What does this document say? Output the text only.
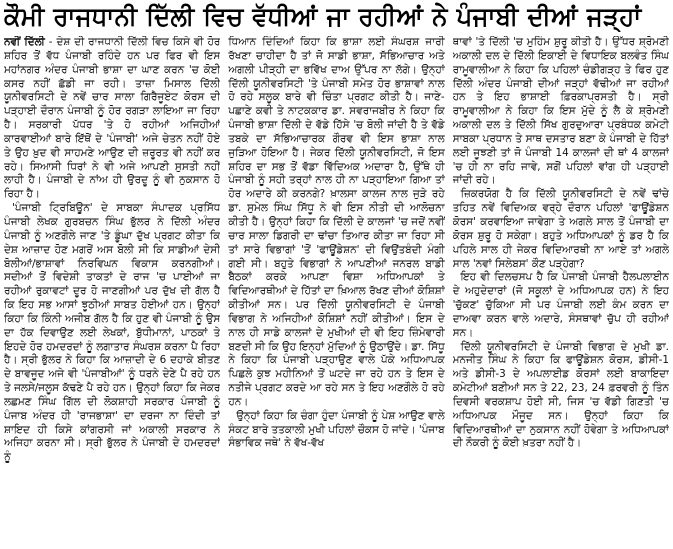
ਕੌਮੀ ਰਾਜਧਾਨੀ ਦਿੱਲੀ ਵਿਚ ਵੱਧੀਆਂ ਜਾ ਰਹੀਆਂ ਨੇ ਪੰਜਾਬੀ ਦੀਆਂ ਜੜ੍ਹਾਂ

ਨਵੀਂ ਦਿੱਲੀ - ਦੇਸ਼ ਦੀ ਰਾਜਧਾਨੀ ਦਿੱਲੀ ਵਿਚ ਕਿਸੇ ਵੀ ਹੋਰ ਸ਼ਹਿਰ ਤੋਂ ਵੱਧ ਪੰਜਾਬੀ ਰਹਿੰਦੇ ਹਨ ਪਰ ਫਿਰ ਵੀ ਇਸ ਮਹਾਂਨਗਰ ਅੰਦਰ ਪੰਜਾਬੀ ਭਾਸ਼ਾ ਦਾ ਘਾਣ ਕਰਨ 'ਚ ਕੋਈ ਕਸਰ ਨਹੀਂ ਛੱਡੀ ਜਾ ਰਹੀ। ਤਾਜ਼ਾ ਮਿਸਾਲ ਦਿੱਲੀ ਯੂਨੀਵਰਸਿਟੀ ਦੇ ਨਵੇਂ ਚਾਰ ਸਾਲਾ ਗਿਰੈਜੂਏਟ ਕੋਰਸ ਦੀ ਪੜ੍ਹਾਈ ਦੌਰਾਨ ਪੰਜਾਬੀ ਨੂੰ ਹੋਰ ਰਗੜਾ ਲਾਇਆ ਜਾ ਰਿਹਾ ਹੈ। ਸਰਕਾਰੀ ਪੱਧਰ 'ਤੇ ਹੋ ਰਹੀਆਂ ਅਜਿਹੀਆਂ ਕਾਰਵਾਈਆਂ ਬਾਰੇ ਇੱਥੋਂ ਦੇ 'ਪੰਜਾਬੀ' ਅਜੇ ਚੇਤਨ ਨਹੀਂ ਹੋਏ ਤੇ ਉਹ ਖ਼ੁਦ ਵੀ ਸਾਹਮਣੇ ਆਉਣ ਦੀ ਜ਼ਰੂਰਤ ਵੀ ਨਹੀਂ ਕਰ ਰਹੇ। ਸਿਆਸੀ ਧਿਰਾਂ ਨੇ ਵੀ ਅਜੇ ਆਪਣੀ ਸੁਸਤੀ ਨਹੀਂ ਲਾਹੀ ਹੈ। ਪੰਜਾਬੀ ਦੇ ਨਾਂਅ ਹੀ ਉਰਦੂ ਨੂੰ ਵੀ ਨੁਕਸਾਨ ਹੋ ਰਿਹਾ ਹੈ।

'ਪੰਜਾਬੀ ਟ੍ਰਿਬਿਊਨ' ਦੇ ਸਾਬਕਾ ਸੰਪਾਦਕ ਪ੍ਰਸਿੱਧ ਪੰਜਾਬੀ ਲੇਖਕ ਗੁਰਬਚਨ ਸਿੰਘ ਭੁੱਲਰ ਨੇ ਦਿੱਲੀ ਅੰਦਰ ਪੰਜਾਬੀ ਨੂੰ ਅਣਗੌਲੇ ਜਾਣ 'ਤੇ ਡੂੰਘਾ ਦੁੱਖ ਪ੍ਰਗਟ ਕੀਤਾ ਕਿ ਦੇਸ਼ ਆਜ਼ਾਦ ਹੋਣ ਮਗਰੋਂ ਅਸ ਬੋਲੀ ਸੀ ਕਿ ਸਾਡੀਆਂ ਦੇਸੀ ਬੋਲੀਆਂ/ਭਾਸ਼ਾਵਾਂ ਨਿਰਵਿਘਨ ਵਿਕਾਸ ਕਰਨਗੀਆਂ। ਸਦੀਆਂ ਤੋਂ ਵਿਦੇਸ਼ੀ ਤਾਕਤਾਂ ਦੇ ਰਾਜ 'ਚ ਪਾਈਆਂ ਜਾ ਰਹੀਆਂ ਰੁਕਾਵਟਾਂ ਦੂਰ ਹੋ ਜਾਣਗੀਆਂ ਪਰ ਦੁੱਖ ਦੀ ਗੱਲ ਹੈ ਕਿ ਇਹ ਸਭ ਆਸਾਂ ਝੂਠੀਆਂ ਸਾਬਤ ਹੋਈਆਂ ਹਨ। ਉਨ੍ਹਾਂ ਕਿਹਾ ਕਿ ਕਿੰਨੀ ਅਜੀਬ ਗੱਲ ਹੈ ਕਿ ਹੁਣ ਵੀ ਪੰਜਾਬੀ ਨੂੰ ਉਸ ਦਾ ਹੱਕ ਦਿਵਾਉਣ ਲਈ ਲੇਖਕਾਂ, ਬੁੱਧੀਮਾਨਾਂ, ਪਾਠਕਾਂ ਤੇ ਇਹਦੇ ਹੋਰ ਹਮਦਰਦਾਂ ਨੂੰ ਲਗਾਤਾਰ ਸੰਘਰਸ਼ ਕਰਨਾ ਪੈ ਰਿਹਾ ਹੈ। ਸ੍ਰੀ ਭੁੱਲਰ ਨੇ ਕਿਹਾ ਕਿ ਆਜ਼ਾਦੀ ਦੇ 6 ਦਹਾਕੇ ਬੀਤਣ ਦੇ ਬਾਵਜੂਦ ਅਜੇ ਵੀ 'ਪੰਜਾਬੀਆਂ' ਨੂੰ ਧਰਨੇ ਦੇਣੇ ਪੈ ਰਹੇ ਹਨ ਤੇ ਜਲਸੇ/ਜਲੂਸ ਕੱਢਣੇ ਪੈ ਰਹੇ ਹਨ। ਉਨ੍ਹਾਂ ਕਿਹਾ ਕਿ ਜੇਕਰ ਲਛਮਣ ਸਿੰਘ ਗਿੱਲ ਦੀ ਲੋਕਸ਼ਾਹੀ ਸਰਕਾਰ ਪੰਜਾਬੀ ਨੂੰ ਪੰਜਾਬ ਅੰਦਰ ਹੀ 'ਰਾਜਭਾਸ਼ਾ' ਦਾ ਦਰਜਾ ਨਾ ਦਿੰਦੀ ਤਾਂ ਸ਼ਾਇਦ ਹੀ ਕਿਸੇ ਕਾਂਗਰਸੀ ਜਾਂ ਅਕਾਲੀ ਸਰਕਾਰ ਨੇ ਅਜਿਹਾ ਕਰਨਾ ਸੀ। ਸ੍ਰੀ ਭੁੱਲਰ ਨੇ ਪੰਜਾਬੀ ਦੇ ਹਮਦਰਦਾਂ ਨੂੰ

ਧਿਆਨ ਦਿੰਦਿਆਂ ਕਿਹਾ ਕਿ ਭਾਸ਼ਾ ਲਈ ਸੰਘਰਸ਼ ਜਾਰੀ ਰੱਖਣਾ ਚਾਹੀਦਾ ਹੈ ਤਾਂ ਜੋ ਸਾਡੀ ਭਾਸ਼ਾ, ਸੱਭਿਆਚਾਰ ਅਤੇ ਅਗਲੀ ਪੀੜ੍ਹੀ ਦਾ ਭਵਿੱਖ ਦਾਅ ਉੱਪਰ ਨਾ ਲੱਗੇ। ਉਨ੍ਹਾਂ ਦਿੱਲੀ ਯੂਨੀਵਰਸਿਟੀ 'ਤੇ ਪੰਜਾਬੀ ਸਮੇਤ ਹੋਰ ਭਾਸ਼ਾਵਾਂ ਨਾਲ ਹੋ ਰਹੇ ਸਲੂਕ ਬਾਰੇ ਵੀ ਚਿੰਤਾ ਪ੍ਰਗਟ ਕੀਤੀ ਹੈ। ਜਾਣੇ-ਪਛਾਣੇ ਕਵੀ ਤੇ ਨਾਟਕਕਾਰ ਡਾ. ਸਵਰਾਜਬੀਰ ਨੇ ਕਿਹਾ ਕਿ ਪੰਜਾਬੀ ਭਾਸ਼ਾ ਦਿੱਲੀ ਦੇ ਵੱਡੇ ਹਿੱਸੇ 'ਚ ਬੋਲੀ ਜਾਂਦੀ ਹੈ ਤੇ ਵੱਡੇ ਤਬਕੇ ਦਾ ਸੱਭਿਆਚਾਰਕ ਗੌਰਵ ਵੀ ਇਸ ਭਾਸ਼ਾ ਨਾਲ ਜੁੜਿਆ ਹੋਇਆ ਹੈ। ਜੇਕਰ ਦਿੱਲੀ ਯੂਨੀਵਰਸਿਟੀ, ਜੋ ਇਸ ਸ਼ਹਿਰ ਦਾ ਸਭ ਤੋਂ ਵੱਡਾ ਵਿੱਦਿਅਕ ਅਦਾਰਾ ਹੈ, ਉੱਥੇ ਹੀ ਪੰਜਾਬੀ ਨੂੰ ਸਹੀ ਤਰ੍ਹਾਂ ਨਾਲ ਹੀ ਨਾ ਪੜ੍ਹਾਇਆ ਗਿਆ ਤਾਂ ਹੋਰ ਅਦਾਰੇ ਕੀ ਕਰਨਗੇ? ਖ਼ਾਲਸਾ ਕਾਲਜ ਨਾਲ ਜੁੜੇ ਰਹੇ ਡਾ. ਸੁਮੇਲ ਸਿੰਘ ਸਿੱਧੂ ਨੇ ਵੀ ਇਸ ਨੀਤੀ ਦੀ ਆਲੋਚਨਾ ਕੀਤੀ ਹੈ। ਉਨ੍ਹਾਂ ਕਿਹਾ ਕਿ ਦਿੱਲੀ ਦੇ ਕਾਲਜਾਂ 'ਚ ਜਦੋਂ ਨਵੀਂ ਚਾਰ ਸਾਲਾ ਡਿਗਰੀ ਦਾ ਢਾਂਚਾ ਤਿਆਰ ਕੀਤਾ ਜਾ ਰਿਹਾ ਸੀ ਤਾਂ ਸਾਰੇ ਵਿਭਾਗਾਂ 'ਤੋਂ 'ਫਾਊਂਡੇਸ਼ਨ' ਦੀ ਵਿਉਂਤਬੰਦੀ ਮੰਗੀ ਗਈ ਸੀ। ਬਹੁਤੇ ਵਿਭਾਗਾਂ ਨੇ ਆਪਣੀਆਂ ਜਨਰਲ ਬਾਡੀ ਬੈਠਕਾਂ ਕਰਕੇ ਆਪਣਾ ਵਿਸ਼ਾ ਅਧਿਆਪਕਾਂ ਤੇ ਵਿਦਿਆਰਥੀਆਂ ਦੇ ਹਿੱਤਾਂ ਦਾ ਖ਼ਿਆਲ ਰੱਖਣ ਦੀਆਂ ਕੋਸ਼ਿਸ਼ਾਂ ਕੀਤੀਆਂ ਸਨ। ਪਰ ਦਿੱਲੀ ਯੂਨੀਵਰਸਿਟੀ ਦੇ ਪੰਜਾਬੀ ਵਿਭਾਗ ਨੇ ਅਜਿਹੀਆਂ ਕੋਸ਼ਿਸ਼ਾਂ ਨਹੀਂ ਕੀਤੀਆਂ। ਇਸ ਦੇ ਨਾਲ ਹੀ ਸਾਡੇ ਕਾਲਜਾਂ ਦੇ ਮੁਖੀਆਂ ਦੀ ਵੀ ਇਹ ਜ਼ਿੰਮੇਵਾਰੀ ਬਣਦੀ ਸੀ ਕਿ ਉਹ ਇਨ੍ਹਾਂ ਮੁੱਦਿਆਂ ਨੂੰ ਉਠਾਉਂਦੇ। ਡਾ. ਸਿੱਧੂ ਨੇ ਕਿਹਾ ਕਿ ਪੰਜਾਬੀ ਪੜ੍ਹਾਉਣ ਵਾਲੇ ਪੱਕੇ ਅਧਿਆਪਕ ਪਿਛਲੇ ਕੁਝ ਮਹੀਨਿਆਂ ਤੋਂ ਘਟਦੇ ਜਾ ਰਹੇ ਹਨ ਤੇ ਇਸ ਦੇ ਨਤੀਜੇ ਪ੍ਰਗਟ ਕਰਦੇ ਆ ਰਹੇ ਸਨ ਤੇ ਇਹ ਅਣਗੌਲੇ ਹੋ ਰਹੇ ਹਨ।

ਉਨ੍ਹਾਂ ਕਿਹਾ ਕਿ ਚੰਗਾ ਹੁੰਦਾ ਪੰਜਾਬੀ ਨੂੰ ਪੇਸ਼ ਆਉਣ ਵਾਲੇ ਸੰਕਟ ਬਾਰੇ ਤਤਕਾਲੀ ਮੁਖੀ ਪਹਿਲਾਂ ਚੌਕਸ ਹੋ ਜਾਂਦੇ। 'ਪੰਜਾਬ ਸੰਭਾਵਿਕ ਜਥੇ' ਨੇ ਵੱਖ-ਵੱਖ

ਥਾਵਾਂ 'ਤੇ ਦਿੱਲੀ 'ਚ ਮੁਹਿੰਮ ਸ਼ੁਰੂ ਕੀਤੀ ਹੈ। ਉੱਧਰ ਸ਼੍ਰੋਮਣੀ ਅਕਾਲੀ ਦਲ ਦੇ ਦਿੱਲੀ ਇਕਾਈ ਦੇ ਵਿਧਾਇਕ ਬਲਵੰਤ ਸਿੰਘ ਰਾਮੂਵਾਲੀਆ ਨੇ ਕਿਹਾ ਕਿ ਪਹਿਲਾਂ ਚੰਡੀਗੜ੍ਹ ਤੇ ਫਿਰ ਹੁਣ ਦਿੱਲੀ ਅੰਦਰ ਪੰਜਾਬੀ ਦੀਆਂ ਜੜ੍ਹਾਂ ਵੱਢੀਆਂ ਜਾ ਰਹੀਆਂ ਹਨ ਤੇ ਇਹ ਭਾਸ਼ਾਈ ਫ਼ਿਰਕਾਪ੍ਰਸਤੀ ਹੈ। ਸ੍ਰੀ ਰਾਮੂਵਾਲੀਆ ਨੇ ਕਿਹਾ ਕਿ ਇਸ ਮੁੱਦੇ ਨੂੰ ਲੈ ਕੇ ਸ਼੍ਰੋਮਣੀ ਅਕਾਲੀ ਦਲ ਤੇ ਦਿੱਲੀ ਸਿੱਖ ਗੁਰਦੁਆਰਾ ਪ੍ਰਬੰਧਕ ਕਮੇਟੀ ਸਾਬਕਾ ਪ੍ਰਧਾਨ ਤੇ ਸਾਥ ਦਸਤਾਰ ਬਣਾ ਕੇ ਪੰਜਾਬੀ ਦੇ ਹਿੱਤਾਂ ਲਈ ਜੂਝਣੀ ਤਾਂ ਜੋ ਪੰਜਾਬੀ 14 ਕਾਲਜਾਂ ਦੀ ਥਾਂ 4 ਕਾਲਜਾਂ 'ਚ ਹੀ ਨਾ ਰਹਿ ਜਾਵੇ, ਸਗੋਂ ਪਹਿਲਾਂ ਵਾਂਗ ਹੀ ਪੜ੍ਹਾਈ ਜਾਂਦੀ ਰਹੇ।

ਜ਼ਿਕਰਯੋਗ ਹੈ ਕਿ ਦਿੱਲੀ ਯੂਨੀਵਰਸਿਟੀ ਦੇ ਨਵੇਂ ਢਾਂਚੇ ਤਹਿਤ ਨਵੇਂ ਵਿਦਿਅਕ ਵਰ੍ਹੇ ਦੌਰਾਨ ਪਹਿਲਾਂ 'ਫਾਊਂਡੇਸ਼ਨ ਕੋਰਸ' ਕਰਵਾਇਆ ਜਾਵੇਗਾ ਤੇ ਅਗਲੇ ਸਾਲ ਤੋਂ ਪੰਜਾਬੀ ਦਾ ਕੋਰਸ ਸ਼ੁਰੂ ਹੋ ਸਕੇਗਾ। ਬਹੁਤੇ ਅਧਿਆਪਕਾਂ ਨੂੰ ਡਰ ਹੈ ਕਿ ਪਹਿਲੇ ਸਾਲ ਹੀ ਜੇਕਰ ਵਿਦਿਆਰਥੀ ਨਾ ਆਏ ਤਾਂ ਅਗਲੇ ਸਾਲ 'ਨਵਾਂ ਸਿਲੇਬਸ' ਕੌਣ ਪੜ੍ਹੇਗਾ?

ਇਹ ਵੀ ਦਿਲਚਸਪ ਹੈ ਕਿ ਪੰਜਾਬੀ ਪੰਜਾਬੀ ਹੈਲਪਲਾਈਨ ਦੇ ਅਹੁਦੇਦਾਰਾਂ (ਜੋ ਸਕੂਲਾਂ ਦੇ ਅਧਿਆਪਕ ਹਨ) ਨੇ ਇਹ 'ਚੁੱਕਣ' ਚੁੱਕਿਆ ਸੀ ਪਰ ਪੰਜਾਬੀ ਲਈ ਕੰਮ ਕਰਨ ਦਾ ਦਾਅਵਾ ਕਰਨ ਵਾਲੇ ਅਦਾਰੇ, ਸੰਸਥਾਵਾਂ ਚੁੱਪ ਹੀ ਰਹੀਆਂ ਸਨ।

ਦਿੱਲੀ ਯੂਨੀਵਰਸਿਟੀ ਦੇ ਪੰਜਾਬੀ ਵਿਭਾਗ ਦੇ ਮੁਖੀ ਡਾ. ਮਨਜੀਤ ਸਿੰਘ ਨੇ ਕਿਹਾ ਕਿ ਫਾਊਂਡੇਸ਼ਨ ਕੋਰਸ, ਡੀਸੀ-1 ਅਤੇ ਡੀਸੀ-3 ਦੇ ਅਪਲਾਈਡ ਕੋਰਸਾਂ ਲਈ ਬਾਕਾਇਦਾ ਕਮੇਟੀਆਂ ਬਣੀਆਂ ਸਨ ਤੇ 22, 23, 24 ਫ਼ਰਵਰੀ ਨੂੰ ਤਿੰਨ ਦਿਵਸੀ ਵਰਕਸ਼ਾਪ ਹੋਈ ਸੀ, ਜਿਸ 'ਚ ਵੱਡੀ ਗਿਣਤੀ 'ਚ ਅਧਿਆਪਕ ਮੌਜੂਦ ਸਨ। ਉਨ੍ਹਾਂ ਕਿਹਾ ਕਿ ਵਿਦਿਆਰਥੀਆਂ ਦਾ ਨੁਕਸਾਨ ਨਹੀਂ ਹੋਵੇਗਾ ਤੇ ਅਧਿਆਪਕਾਂ ਦੀ ਨੌਕਰੀ ਨੂੰ ਕੋਈ ਖ਼ਤਰਾ ਨਹੀਂ ਹੈ।
